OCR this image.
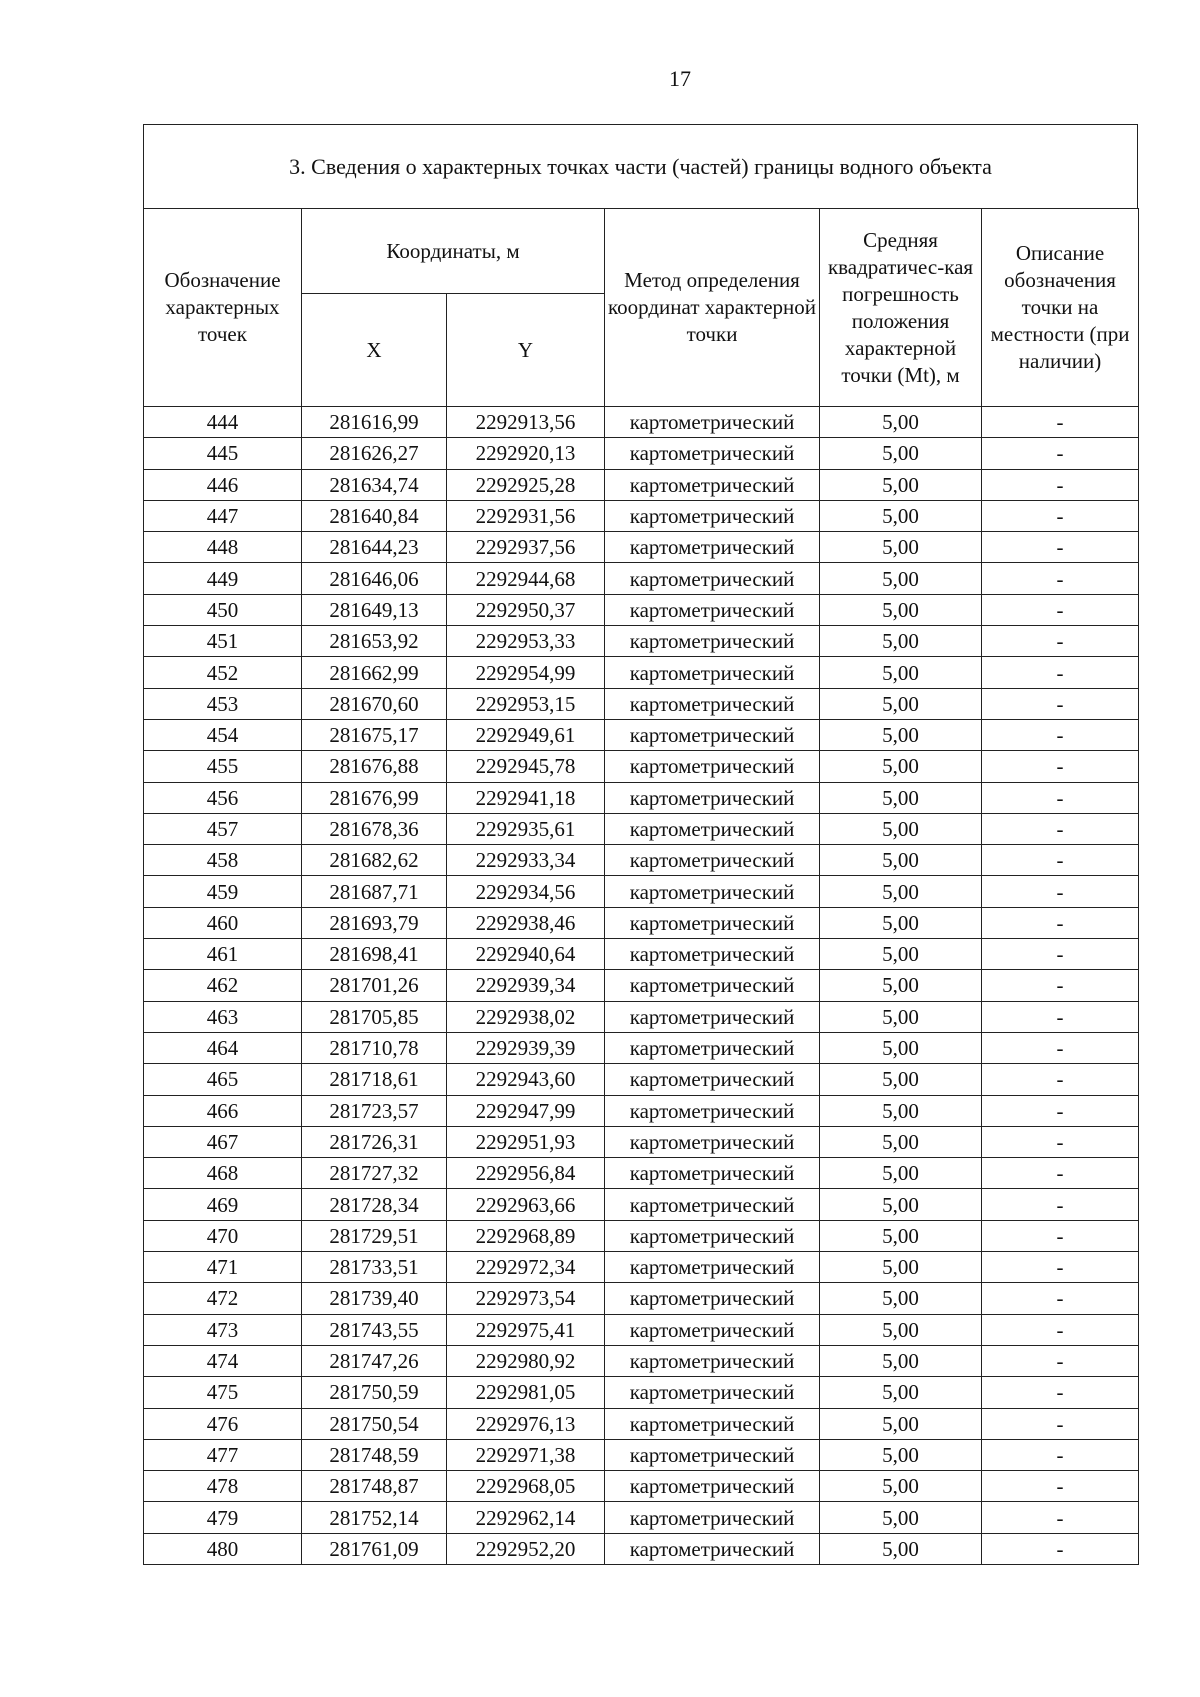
17
3. Сведения о характерных точках части (частей) границы водного объекта
Обозначение характерных точек	Координаты, м		Метод определения координат характерной точки	Средняя квадратичес-кая погрешность положения характерной точки (Mt), м	Описание обозначения точки на местности (при наличии)
	X	Y			
444	281616,99	2292913,56	картометрический	5,00	-
445	281626,27	2292920,13	картометрический	5,00	-
446	281634,74	2292925,28	картометрический	5,00	-
447	281640,84	2292931,56	картометрический	5,00	-
448	281644,23	2292937,56	картометрический	5,00	-
449	281646,06	2292944,68	картометрический	5,00	-
450	281649,13	2292950,37	картометрический	5,00	-
451	281653,92	2292953,33	картометрический	5,00	-
452	281662,99	2292954,99	картометрический	5,00	-
453	281670,60	2292953,15	картометрический	5,00	-
454	281675,17	2292949,61	картометрический	5,00	-
455	281676,88	2292945,78	картометрический	5,00	-
456	281676,99	2292941,18	картометрический	5,00	-
457	281678,36	2292935,61	картометрический	5,00	-
458	281682,62	2292933,34	картометрический	5,00	-
459	281687,71	2292934,56	картометрический	5,00	-
460	281693,79	2292938,46	картометрический	5,00	-
461	281698,41	2292940,64	картометрический	5,00	-
462	281701,26	2292939,34	картометрический	5,00	-
463	281705,85	2292938,02	картометрический	5,00	-
464	281710,78	2292939,39	картометрический	5,00	-
465	281718,61	2292943,60	картометрический	5,00	-
466	281723,57	2292947,99	картометрический	5,00	-
467	281726,31	2292951,93	картометрический	5,00	-
468	281727,32	2292956,84	картометрический	5,00	-
469	281728,34	2292963,66	картометрический	5,00	-
470	281729,51	2292968,89	картометрический	5,00	-
471	281733,51	2292972,34	картометрический	5,00	-
472	281739,40	2292973,54	картометрический	5,00	-
473	281743,55	2292975,41	картометрический	5,00	-
474	281747,26	2292980,92	картометрический	5,00	-
475	281750,59	2292981,05	картометрический	5,00	-
476	281750,54	2292976,13	картометрический	5,00	-
477	281748,59	2292971,38	картометрический	5,00	-
478	281748,87	2292968,05	картометрический	5,00	-
479	281752,14	2292962,14	картометрический	5,00	-
480	281761,09	2292952,20	картометрический	5,00	-
